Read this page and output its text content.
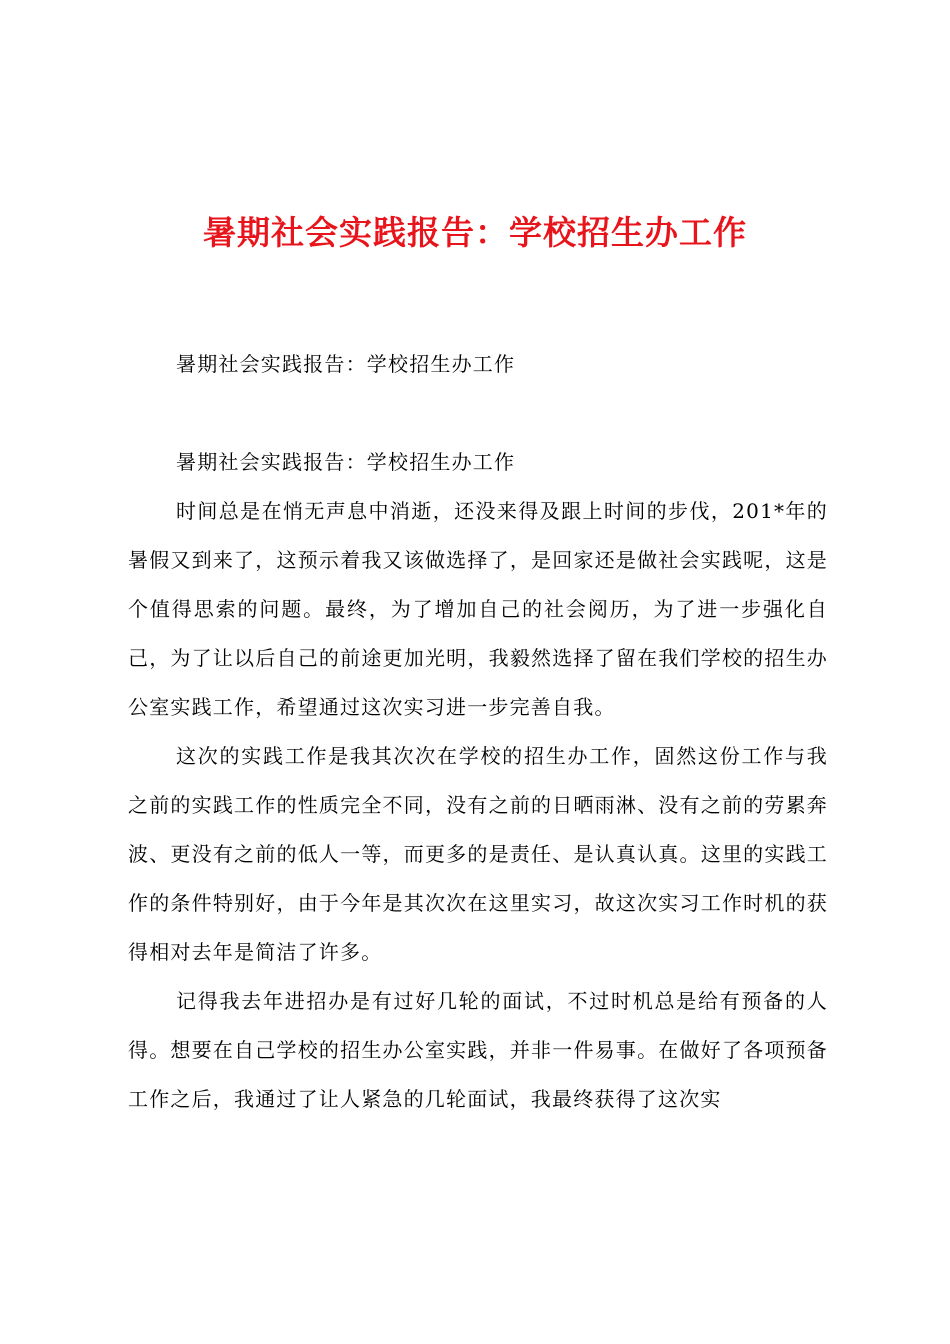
暑期社会实践报告：学校招生办工作

暑期社会实践报告：学校招生办工作

暑期社会实践报告：学校招生办工作

时间总是在悄无声息中消逝，还没来得及跟上时间的步伐，201*年的暑假又到来了，这预示着我又该做选择了，是回家还是做社会实践呢，这是个值得思索的问题。最终，为了增加自己的社会阅历，为了进一步强化自己，为了让以后自己的前途更加光明，我毅然选择了留在我们学校的招生办公室实践工作，希望通过这次实习进一步完善自我。

这次的实践工作是我其次次在学校的招生办工作，固然这份工作与我之前的实践工作的性质完全不同，没有之前的日晒雨淋、没有之前的劳累奔波、更没有之前的低人一等，而更多的是责任、是认真认真。这里的实践工作的条件特别好，由于今年是其次次在这里实习，故这次实习工作时机的获得相对去年是简洁了许多。

记得我去年进招办是有过好几轮的面试，不过时机总是给有预备的人得。想要在自己学校的招生办公室实践，并非一件易事。在做好了各项预备工作之后，我通过了让人紧急的几轮面试，我最终获得了这次实
